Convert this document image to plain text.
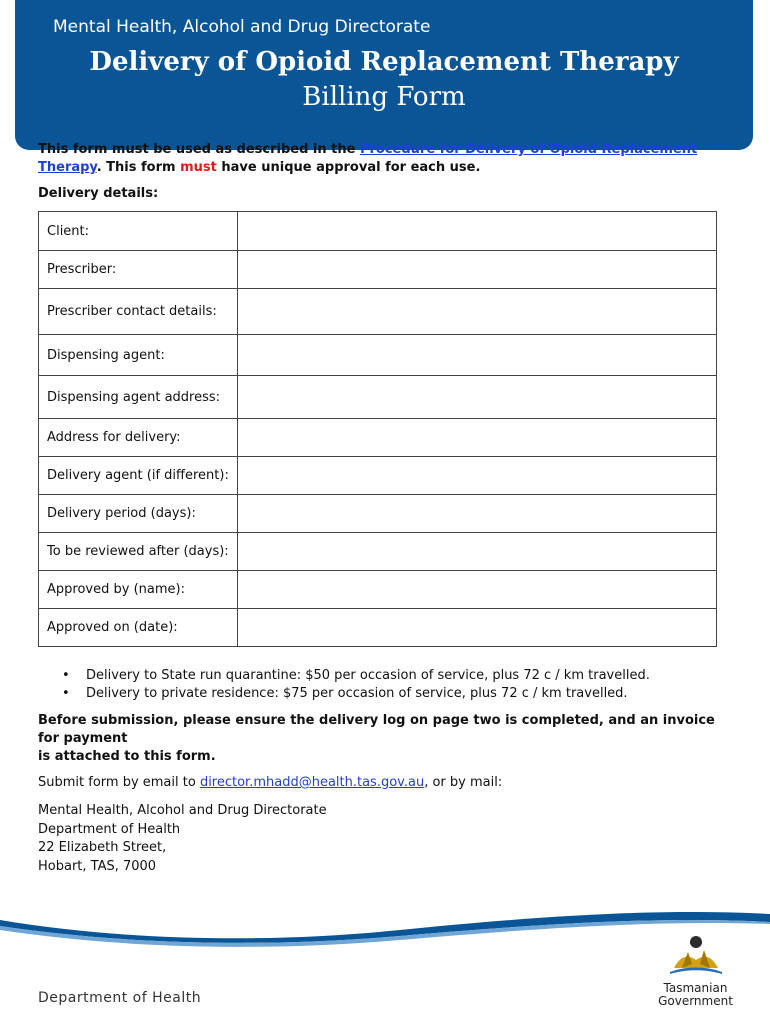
Mental Health, Alcohol and Drug Directorate
Delivery of Opioid Replacement Therapy
Billing Form
This form must be used as described in the Procedure for Delivery of Opioid Replacement Therapy. This form must have unique approval for each use.
Delivery details:
Client:	
Prescriber:	
Prescriber contact details:	
Dispensing agent:	
Dispensing agent address:	
Address for delivery:	
Delivery agent (if different):	
Delivery period (days):	
To be reviewed after (days):	
Approved by (name):	
Approved on (date):	
• Delivery to State run quarantine: $50 per occasion of service, plus 72 c / km travelled.
• Delivery to private residence: $75 per occasion of service, plus 72 c / km travelled.
Before submission, please ensure the delivery log on page two is completed, and an invoice
for payment
is attached to this form.
Submit form by email to director.mhadd@health.tas.gov.au, or by mail:
Mental Health, Alcohol and Drug Directorate
Department of Health
22 Elizabeth Street,
Hobart, TAS, 7000
Department of Health
Tasmanian
Government
